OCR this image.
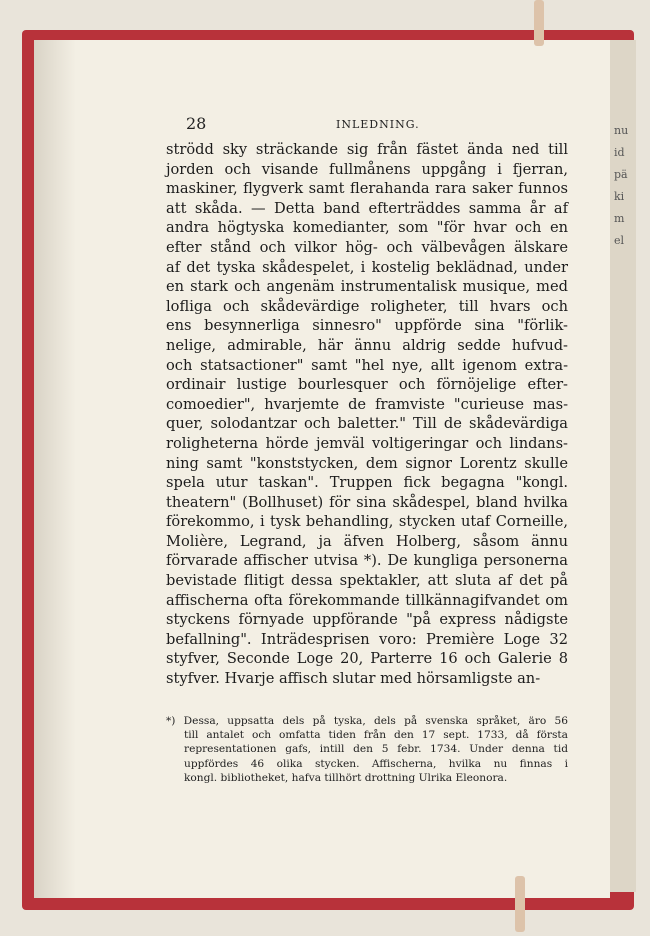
nu id pä ki m el
28	INLEDNING.
strödd sky sträckande sig från fästet ända ned till
jorden och visande fullmånens uppgång i fjerran,
maskiner, flygverk samt flerahanda rara saker funnos
att skåda. — Detta band efterträddes samma år af
andra högtyska komedianter, som "för hvar och en
efter stånd och vilkor hög- och välbevågen älskare
af det tyska skådespelet, i kostelig beklädnad, under
en stark och angenäm instrumentalisk musique, med
lofliga och skådevärdige roligheter, till hvars och
ens besynnerliga sinnesro" uppförde sina "förlik-
nelige, admirable, här ännu aldrig sedde hufvud-
och statsactioner" samt "hel nye, allt igenom extra-
ordinair lustige bourlesquer och förnöjelige efter-
comoedier", hvarjemte de framviste "curieuse mas-
quer, solodantzar och baletter." Till de skådevärdiga
roligheterna hörde jemväl voltigeringar och lindans-
ning samt "konststycken, dem signor Lorentz skulle
spela utur taskan". Truppen fick begagna "kongl.
theatern" (Bollhuset) för sina skådespel, bland hvilka
förekommo, i tysk behandling, stycken utaf Corneille,
Molière, Legrand, ja äfven Holberg, såsom ännu
förvarade affischer utvisa *). De kungliga personerna
bevistade flitigt dessa spektakler, att sluta af det på
affischerna ofta förekommande tillkännagifvandet om
styckens förnyade uppförande "på express nådigste
befallning". Inträdesprisen voro: Première Loge 32
styfver, Seconde Loge 20, Parterre 16 och Galerie 8
styfver. Hvarje affisch slutar med hörsamligste an-
*) Dessa, uppsatta dels på tyska, dels på svenska språket, äro 56
till antalet och omfatta tiden från den 17 sept. 1733, då första
representationen gafs, intill den 5 febr. 1734. Under denna tid
uppfördes 46 olika stycken. Affischerna, hvilka nu finnas i
kongl. bibliotheket, hafva tillhört drottning Ulrika Eleonora.
